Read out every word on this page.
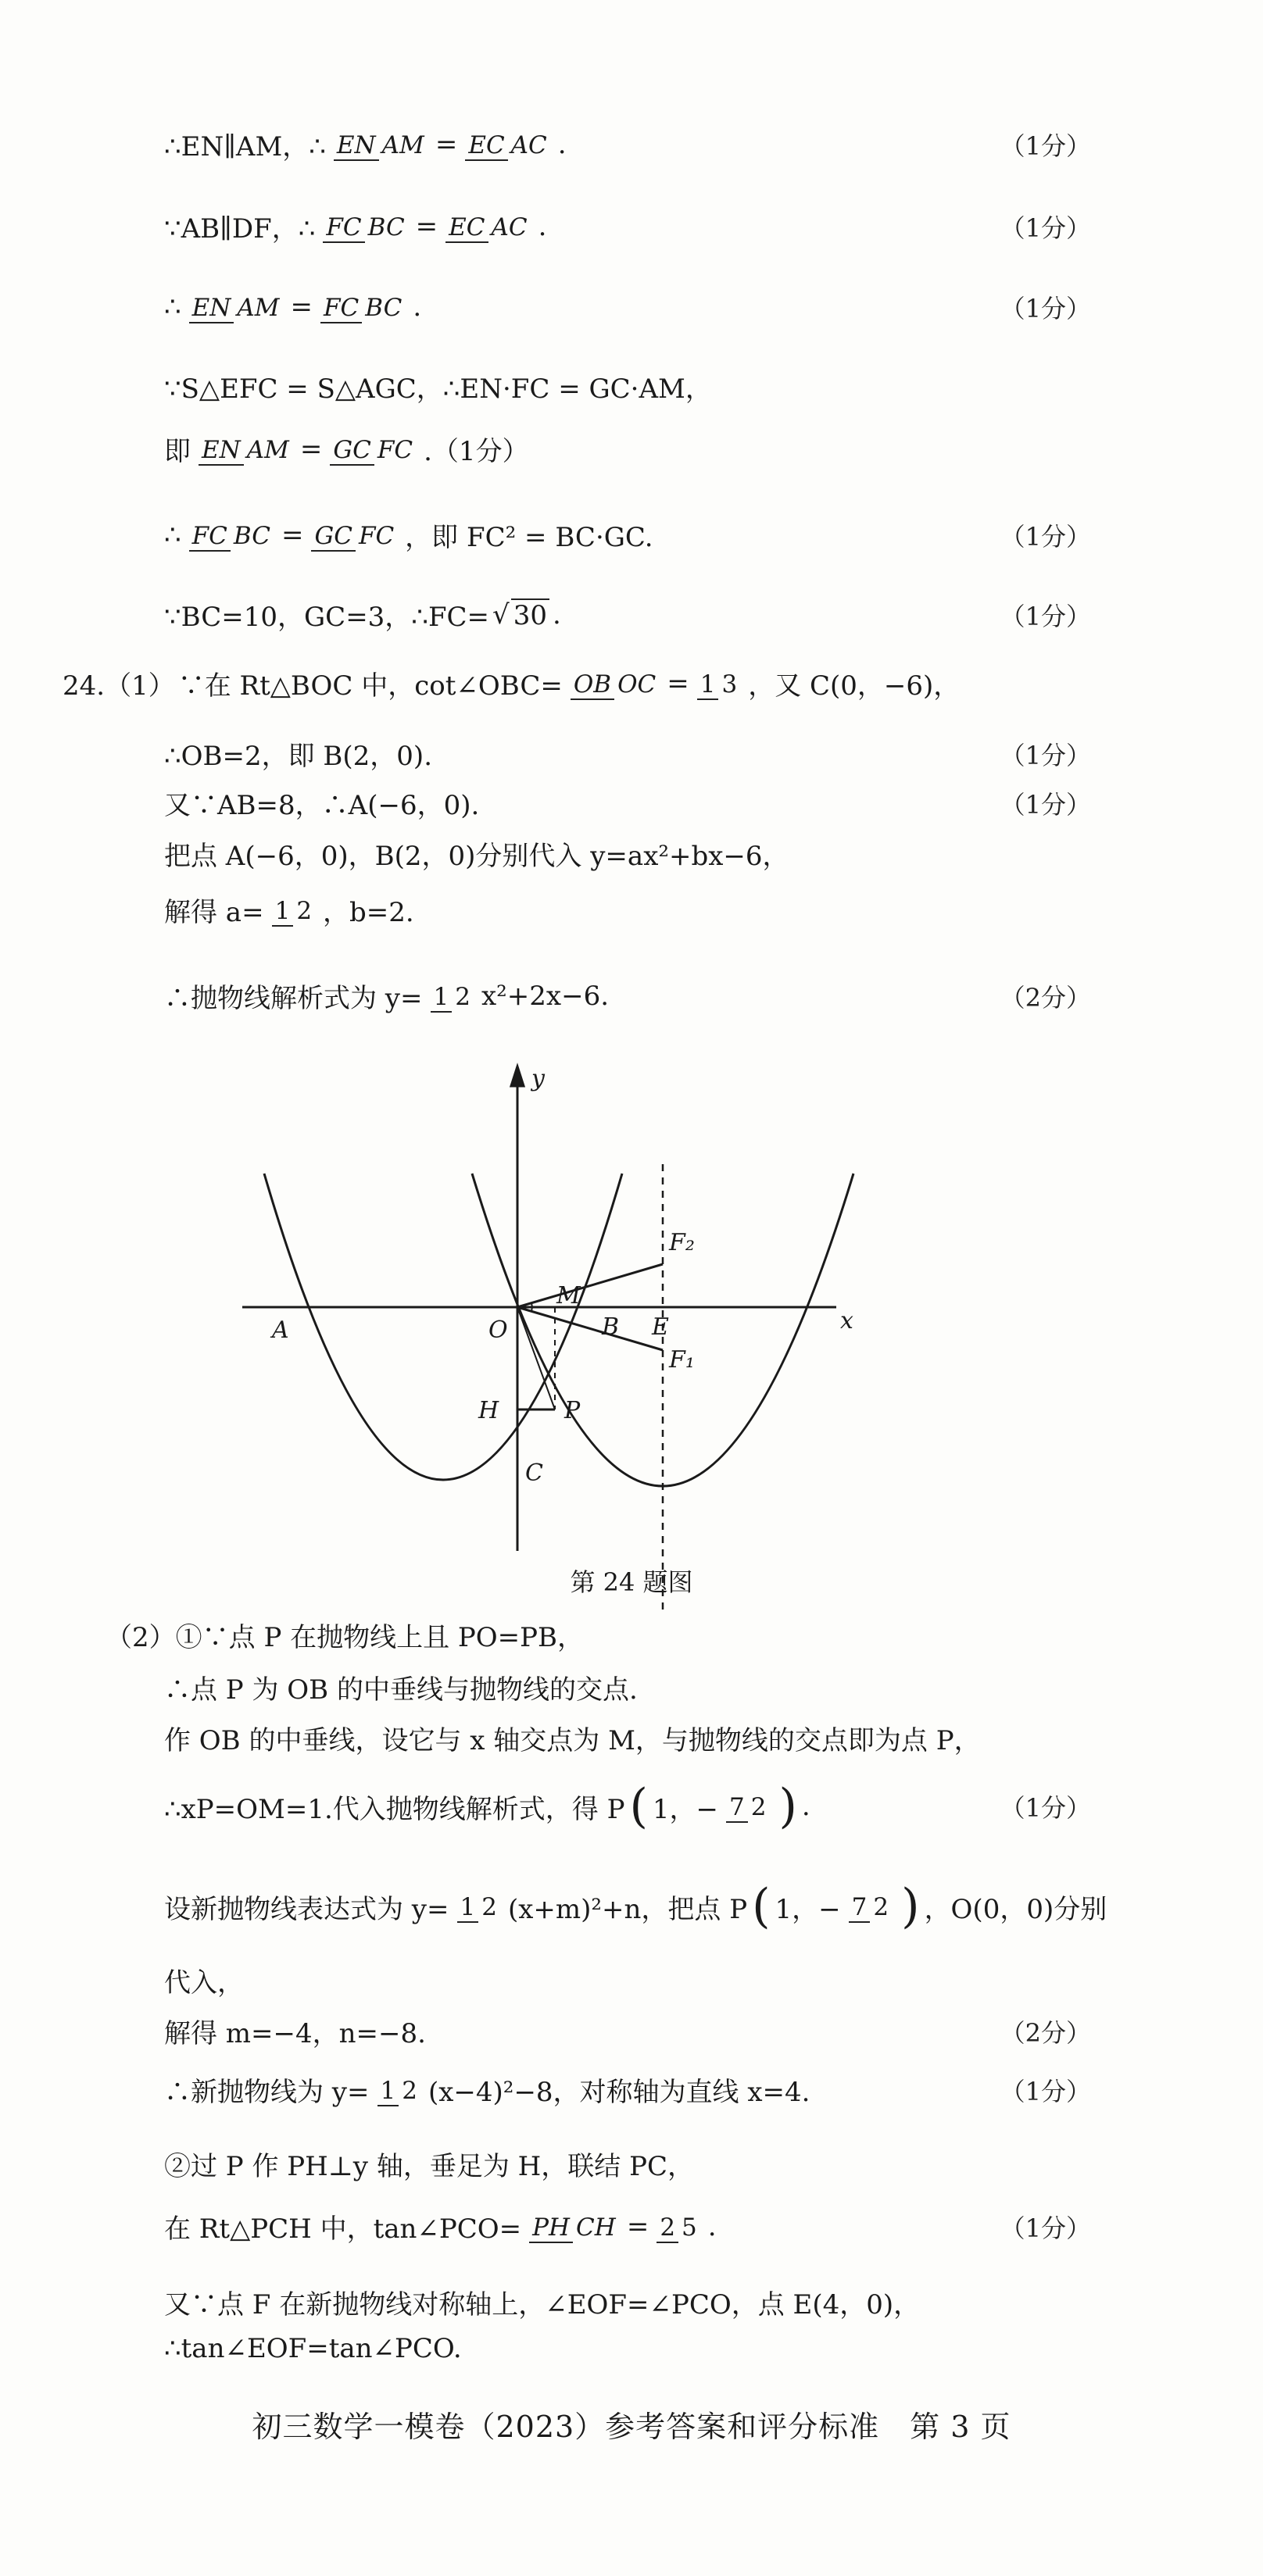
∴EN∥AM，∴ EN AM = EC AC .	（1分）
∵AB∥DF，∴ FC BC = EC AC .	（1分）
∴ EN AM = FC BC .	（1分）
∵S△EFC = S△AGC，∴EN·FC = GC·AM，
即 EN AM = GC FC .（1分）
∴ FC BC = GC FC ，即 FC² = BC·GC.	（1分）
∵BC=10，GC=3，∴FC= √ 30 .	（1分）
24.（1） ∵在 Rt△BOC 中，cot∠OBC= OB OC = 1 3 ，又 C(0，−6)，
∴OB=2，即 B(2，0).	（1分）
又∵AB=8，∴A(−6，0).	（1分）
把点 A(−6，0)，B(2，0)分别代入 y=ax²+bx−6，
解得 a= 1 2 ，b=2.
∴抛物线解析式为 y= 1 2 x²+2x−6.	（2分）
y
x
O
A	B E
M
F₂
F₁
H	P
C
第 24 题图
（2）①∵点 P 在抛物线上且 PO=PB，
∴点 P 为 OB 的中垂线与抛物线的交点.
作 OB 的中垂线，设它与 x 轴交点为 M，与抛物线的交点即为点 P，
∴xP=OM=1.代入抛物线解析式，得 P ( 1，− 7 2 ) .	（1分）
设新抛物线表达式为 y= 1 2 (x+m)²+n，把点 P ( 1，− 7 2 ) ，O(0，0)分别
代入，
解得 m=−4，n=−8.	（2分）
∴新抛物线为 y= 1 2 (x−4)²−8，对称轴为直线 x=4.	（1分）
②过 P 作 PH⊥y 轴，垂足为 H，联结 PC，
在 Rt△PCH 中，tan∠PCO= PH CH = 2 5 .	（1分）
又∵点 F 在新抛物线对称轴上，∠EOF=∠PCO，点 E(4，0)，
∴tan∠EOF=tan∠PCO.
初三数学一模卷（2023）参考答案和评分标准　第 3 页
